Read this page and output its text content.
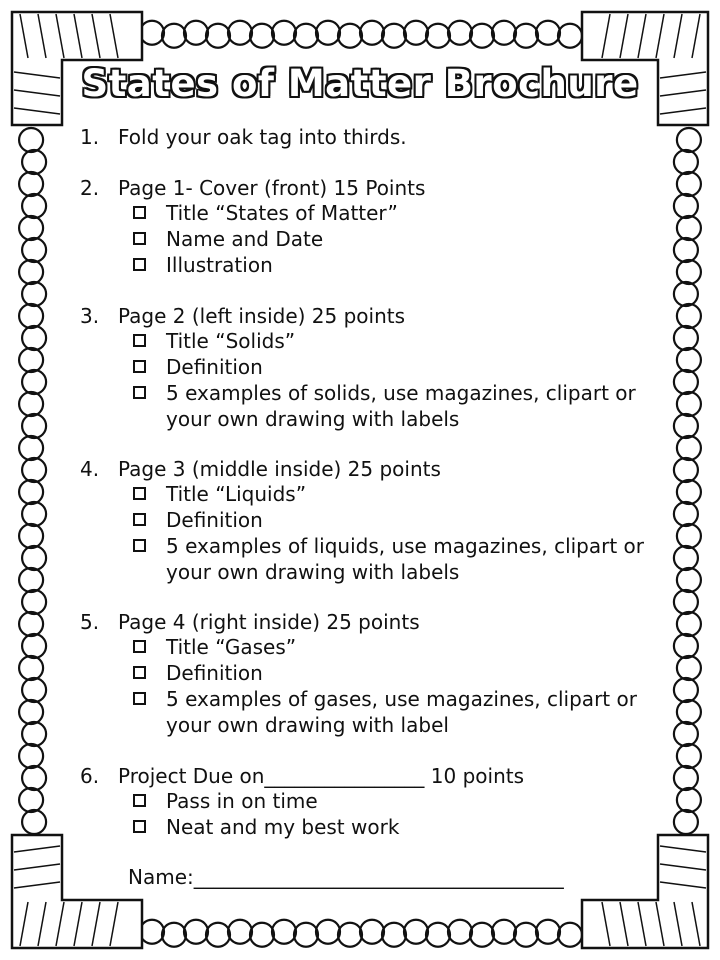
States of Matter Brochure
1. Fold your oak tag into thirds.
2. Page 1- Cover (front) 15 Points
Title “States of Matter”
Name and Date
Illustration
3. Page 2 (left inside) 25 points
Title “Solids”
Definition
5 examples of solids, use magazines, clipart or
your own drawing with labels
4. Page 3 (middle inside) 25 points
Title “Liquids”
Definition
5 examples of liquids, use magazines, clipart or
your own drawing with labels
5. Page 4 (right inside) 25 points
Title “Gases”
Definition
5 examples of gases, use magazines, clipart or
your own drawing with label
6. Project Due on________________ 10 points
Pass in on time
Neat and my best work
Name:_____________________________________
